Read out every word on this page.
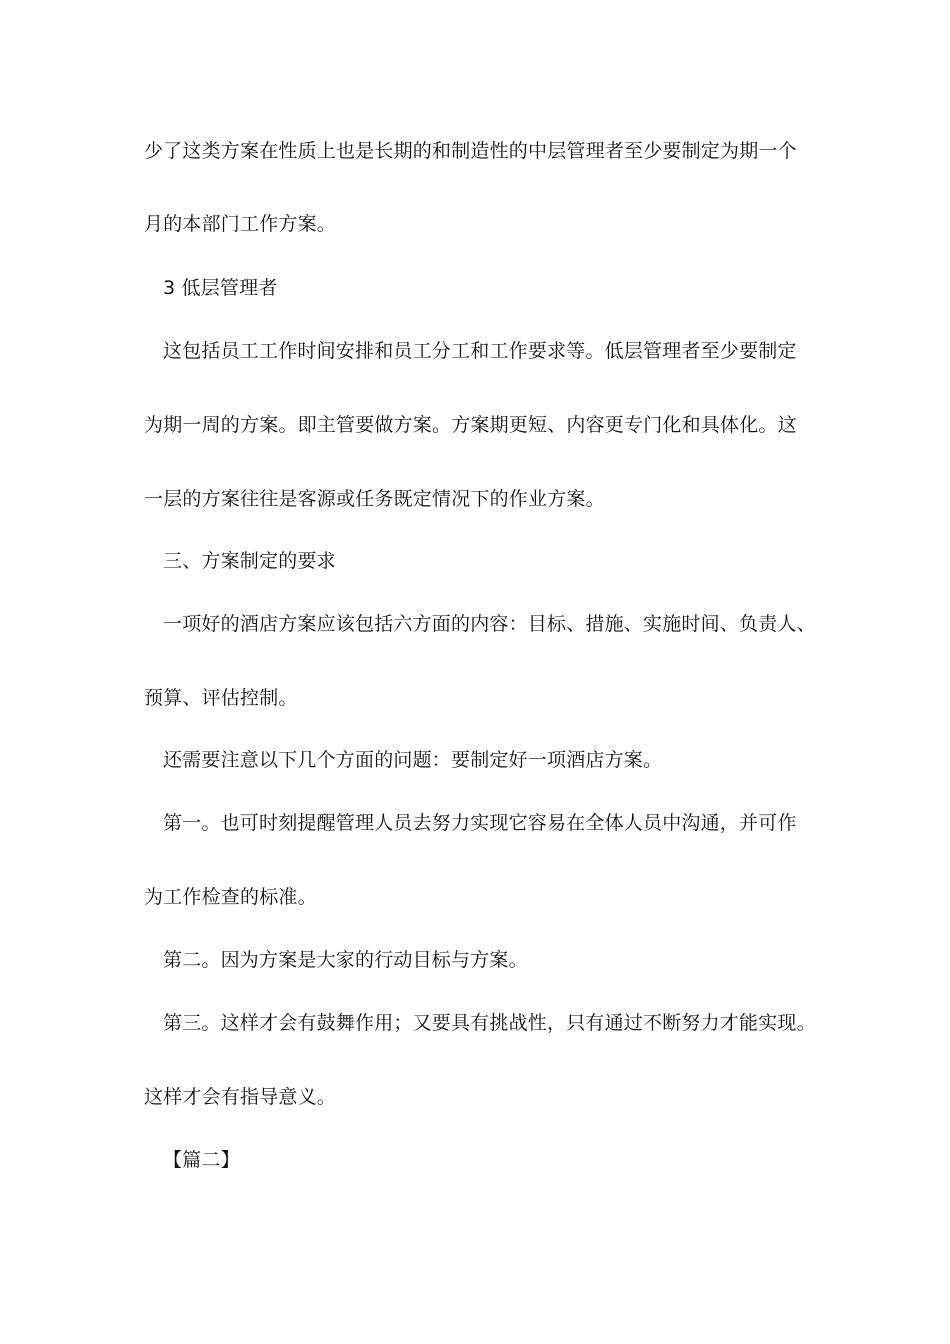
少了这类方案在性质上也是长期的和制造性的中层管理者至少要制定为期一个
月的本部门工作方案。
3 低层管理者
这包括员工工作时间安排和员工分工和工作要求等。低层管理者至少要制定
为期一周的方案。即主管要做方案。方案期更短、内容更专门化和具体化。这
一层的方案往往是客源或任务既定情况下的作业方案。
三、方案制定的要求
一项好的酒店方案应该包括六方面的内容：目标、措施、实施时间、负责人、
预算、评估控制。
还需要注意以下几个方面的问题：要制定好一项酒店方案。
第一。也可时刻提醒管理人员去努力实现它容易在全体人员中沟通，并可作
为工作检查的标准。
第二。因为方案是大家的行动目标与方案。
第三。这样才会有鼓舞作用；又要具有挑战性，只有通过不断努力才能实现。
这样才会有指导意义。
【篇二】
